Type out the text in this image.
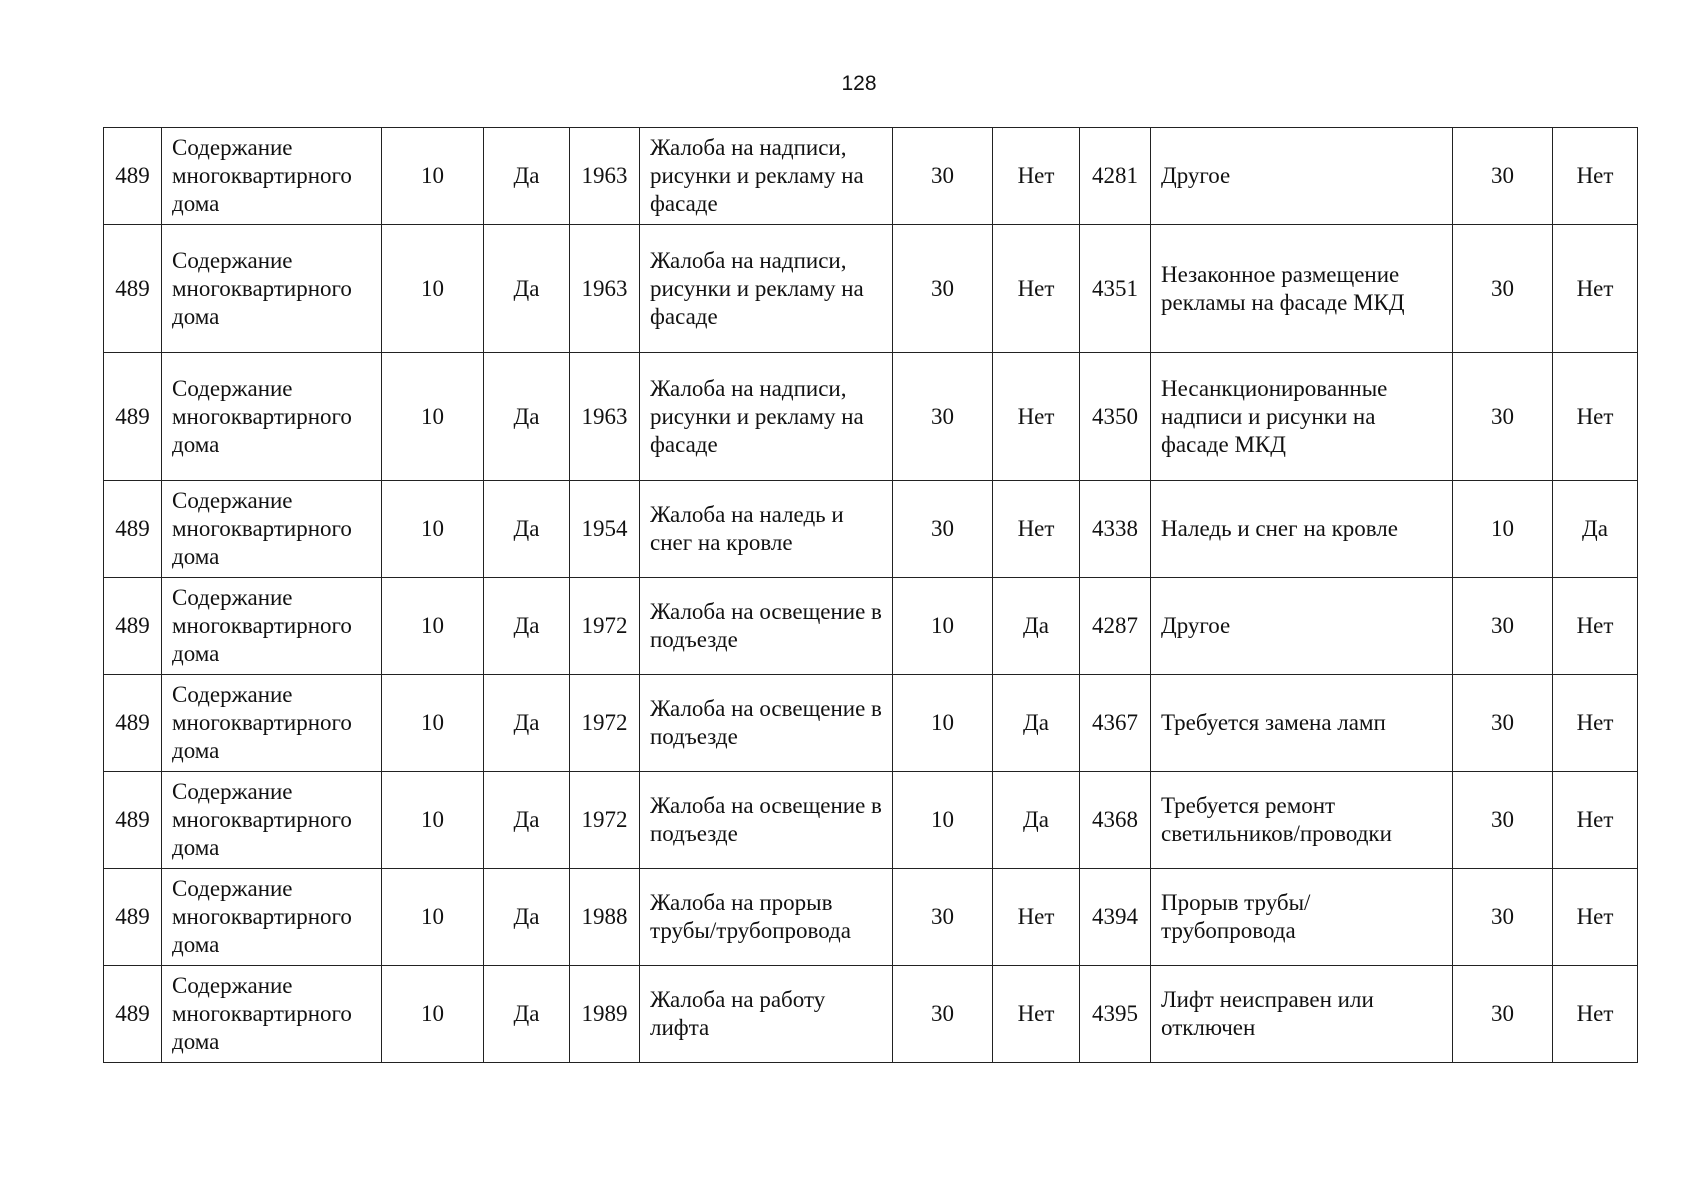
128
489	Содержание многоквартирного дома	10	Да	1963	Жалоба на надписи, рисунки и рекламу на фасаде	30	Нет	4281	Другое	30	Нет
489	Содержание многоквартирного дома	10	Да	1963	Жалоба на надписи, рисунки и рекламу на фасаде	30	Нет	4351	Незаконное размещение рекламы на фасаде МКД	30	Нет
489	Содержание многоквартирного дома	10	Да	1963	Жалоба на надписи, рисунки и рекламу на фасаде	30	Нет	4350	Несанкционированные надписи и рисунки на фасаде МКД	30	Нет
489	Содержание многоквартирного дома	10	Да	1954	Жалоба на наледь и снег на кровле	30	Нет	4338	Наледь и снег на кровле	10	Да
489	Содержание многоквартирного дома	10	Да	1972	Жалоба на освещение в подъезде	10	Да	4287	Другое	30	Нет
489	Содержание многоквартирного дома	10	Да	1972	Жалоба на освещение в подъезде	10	Да	4367	Требуется замена ламп	30	Нет
489	Содержание многоквартирного дома	10	Да	1972	Жалоба на освещение в подъезде	10	Да	4368	Требуется ремонт светильников/проводки	30	Нет
489	Содержание многоквартирного дома	10	Да	1988	Жалоба на прорыв трубы/трубопровода	30	Нет	4394	Прорыв трубы/трубопровода	30	Нет
489	Содержание многоквартирного дома	10	Да	1989	Жалоба на работу лифта	30	Нет	4395	Лифт неисправен или отключен	30	Нет
